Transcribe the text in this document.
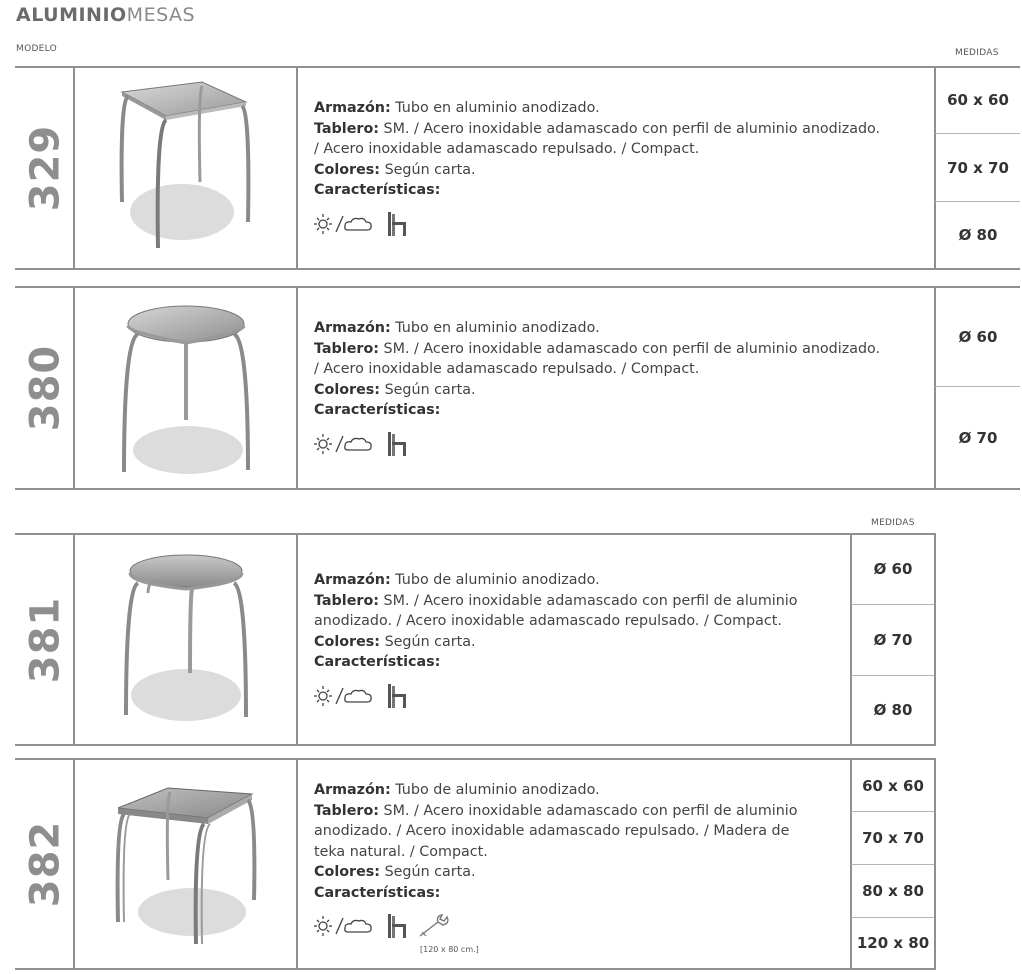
ALUMINIOMESAS
MODELO	MEDIDAS
MEDIDAS
329

Armazón: Tubo en aluminio anodizado.

Tablero: SM. / Acero inoxidable adamascado con perfil de aluminio anodizado.

/ Acero inoxidable adamascado repulsado. / Compact.

Colores: Según carta.

Características:

60 x 60
70 x 70
Ø 80
380

Armazón: Tubo en aluminio anodizado.

Tablero: SM. / Acero inoxidable adamascado con perfil de aluminio anodizado.

/ Acero inoxidable adamascado repulsado. / Compact.

Colores: Según carta.

Características:

Ø 60
Ø 70
381

Armazón: Tubo de aluminio anodizado.

Tablero: SM. / Acero inoxidable adamascado con perfil de aluminio

anodizado. / Acero inoxidable adamascado repulsado. / Compact.

Colores: Según carta.

Características:

Ø 60
Ø 70
Ø 80
382

Armazón: Tubo de aluminio anodizado.

Tablero: SM. / Acero inoxidable adamascado con perfil de aluminio

anodizado. / Acero inoxidable adamascado repulsado. / Madera de

teka natural. / Compact.

Colores: Según carta.

Características:

[120 x 80 cm.]
60 x 60
70 x 70
80 x 80
120 x 80
